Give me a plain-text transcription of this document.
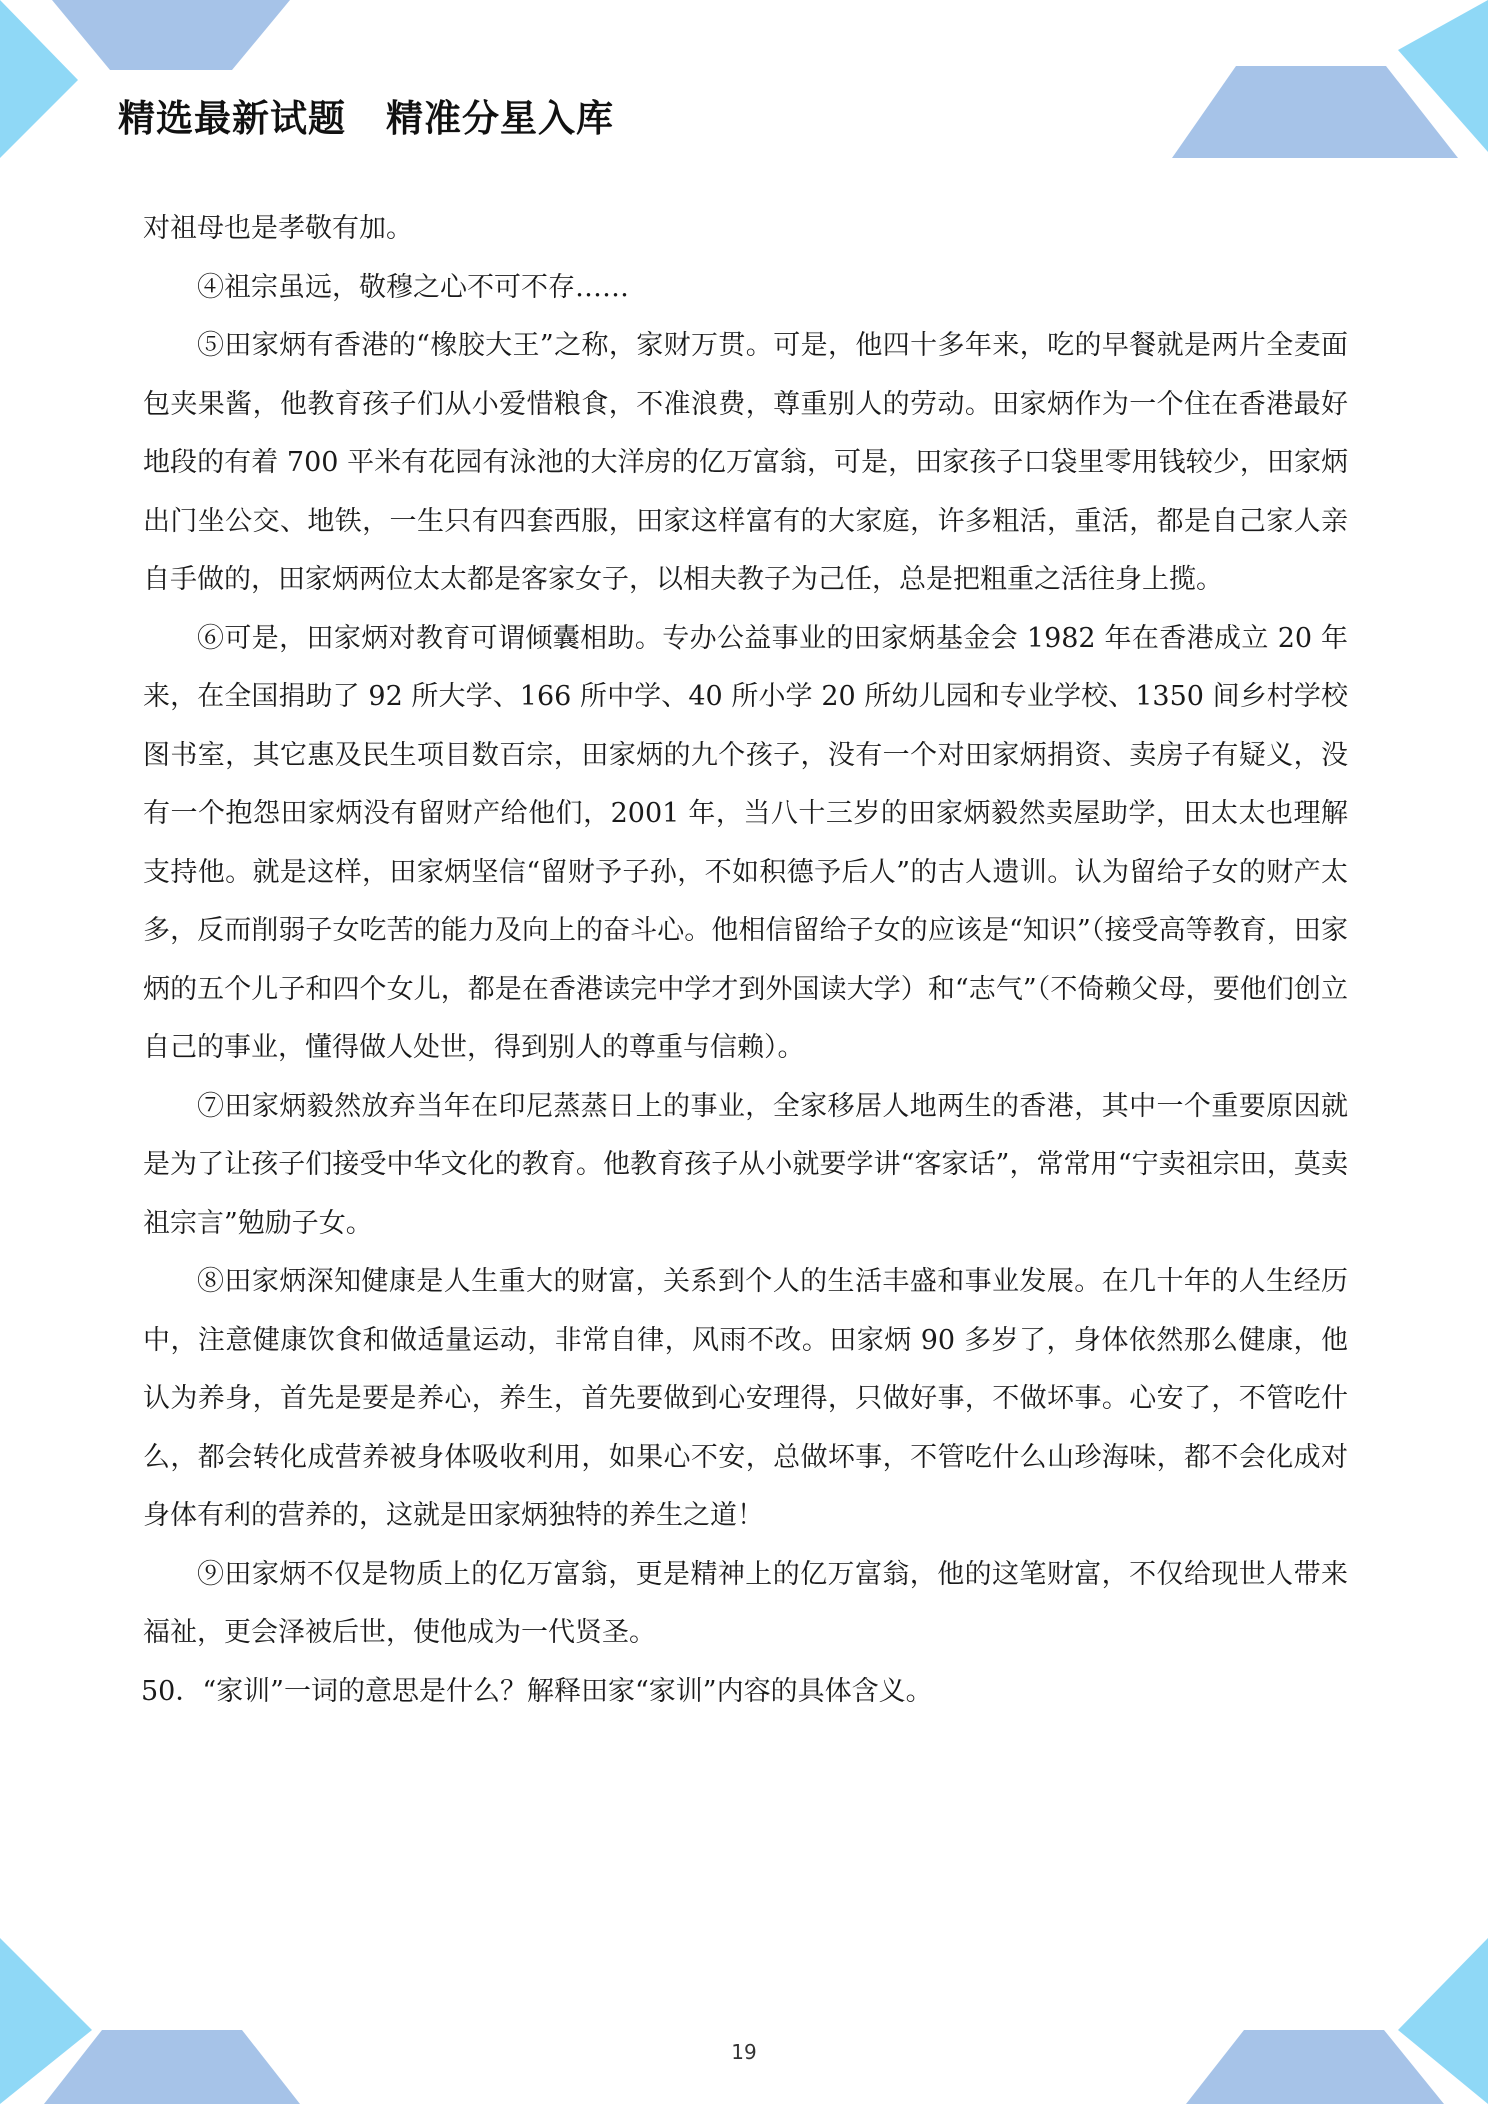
精选最新试题 精准分星入库

对祖母也是孝敬有加。

④祖宗虽远，敬穆之心不可不存……

⑤田家炳有香港的“橡胶大王”之称，家财万贯。可是，他四十多年来，吃的早餐就是两片全麦面包夹果酱，他教育孩子们从小爱惜粮食，不准浪费，尊重别人的劳动。田家炳作为一个住在香港最好地段的有着 700 平米有花园有泳池的大洋房的亿万富翁，可是，田家孩子口袋里零用钱较少，田家炳出门坐公交、地铁，一生只有四套西服，田家这样富有的大家庭，许多粗活，重活，都是自己家人亲自手做的，田家炳两位太太都是客家女子，以相夫教子为己任，总是把粗重之活往身上揽。

⑥可是，田家炳对教育可谓倾囊相助。专办公益事业的田家炳基金会 1982 年在香港成立 20 年来，在全国捐助了 92 所大学、166 所中学、40 所小学 20 所幼儿园和专业学校、1350 间乡村学校图书室，其它惠及民生项目数百宗，田家炳的九个孩子，没有一个对田家炳捐资、卖房子有疑义，没有一个抱怨田家炳没有留财产给他们，2001 年，当八十三岁的田家炳毅然卖屋助学，田太太也理解支持他。就是这样，田家炳坚信“留财予子孙，不如积德予后人”的古人遗训。认为留给子女的财产太多，反而削弱子女吃苦的能力及向上的奋斗心。他相信留给子女的应该是“知识”（接受高等教育，田家炳的五个儿子和四个女儿，都是在香港读完中学才到外国读大学）和“志气”（不倚赖父母，要他们创立自己的事业，懂得做人处世，得到别人的尊重与信赖）。

⑦田家炳毅然放弃当年在印尼蒸蒸日上的事业，全家移居人地两生的香港，其中一个重要原因就是为了让孩子们接受中华文化的教育。他教育孩子从小就要学讲“客家话”，常常用“宁卖祖宗田，莫卖祖宗言”勉励子女。

⑧田家炳深知健康是人生重大的财富，关系到个人的生活丰盛和事业发展。在几十年的人生经历中，注意健康饮食和做适量运动，非常自律，风雨不改。田家炳 90 多岁了，身体依然那么健康，他认为养身，首先是要是养心，养生，首先要做到心安理得，只做好事，不做坏事。心安了，不管吃什么，都会转化成营养被身体吸收利用，如果心不安，总做坏事，不管吃什么山珍海味，都不会化成对身体有利的营养的，这就是田家炳独特的养生之道！

⑨田家炳不仅是物质上的亿万富翁，更是精神上的亿万富翁，他的这笔财富，不仅给现世人带来福祉，更会泽被后世，使他成为一代贤圣。

50．“家训”一词的意思是什么？解释田家“家训”内容的具体含义。

19
